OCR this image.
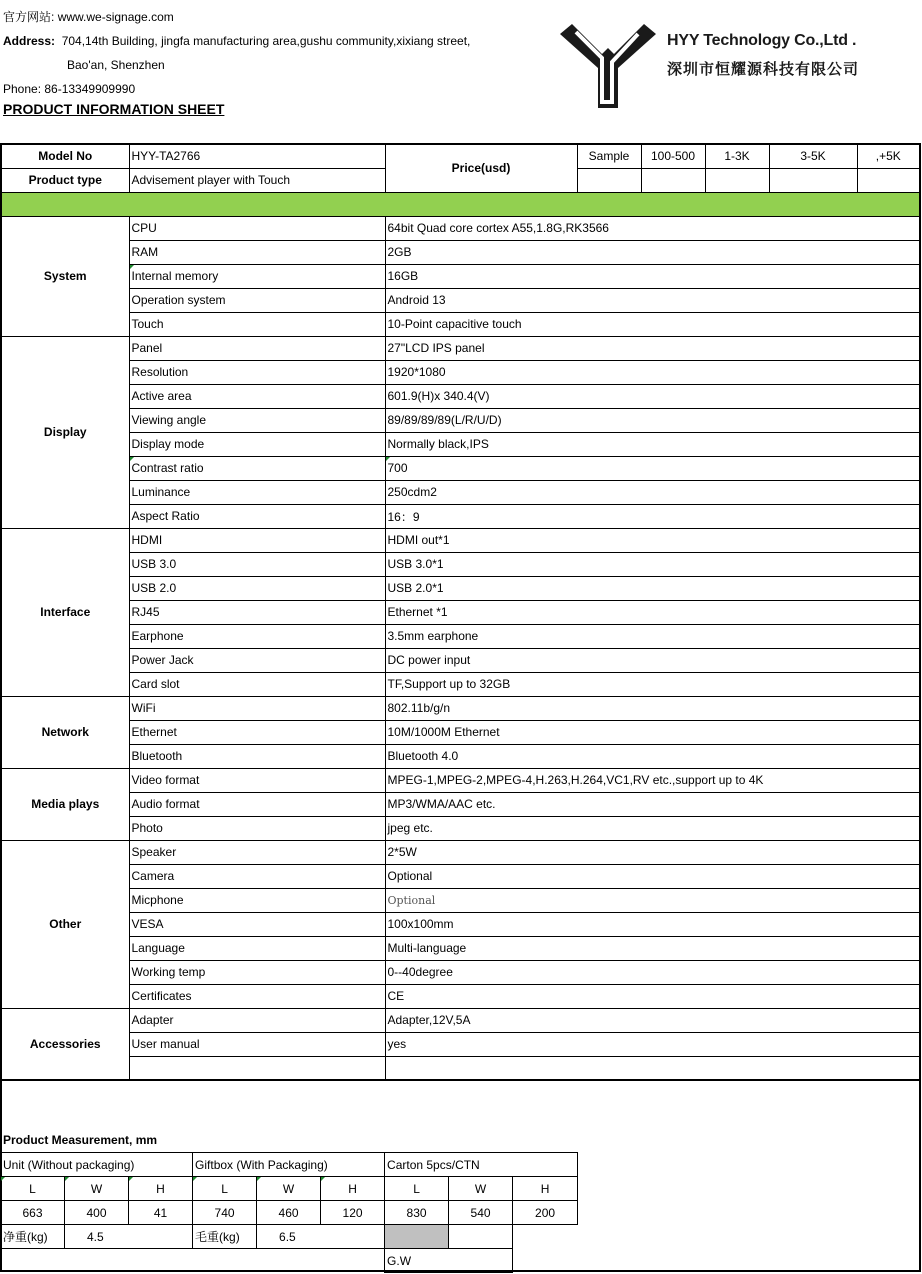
官方网站: www.we-signage.com
Address: 704,14th Building, jingfa manufacturing area,gushu community,xixiang street,
Bao'an, Shenzhen
Phone: 86-13349909990
PRODUCT INFORMATION SHEET
HYY Technology Co.,Ltd .
深圳市恒耀源科技有限公司
Model No	HYY-TA2766	Price(usd)	Sample	100-500	1-3K	3-5K	,+5K
Product type	Advisement player with Touch						

System	CPU	64bit Quad core cortex A55,1.8G,RK3566					
	RAM	2GB					
	Internal memory	16GB					
	Operation system	Android 13					
	Touch	10-Point capacitive touch					
Display	Panel	27"LCD IPS panel					
	Resolution	1920*1080					
	Active area	601.9(H)x 340.4(V)					
	Viewing angle	89/89/89/89(L/R/U/D)					
	Display mode	Normally black,IPS					
	Contrast ratio	700					
	Luminance	250cdm2					
	Aspect Ratio	16：9					
Interface	HDMI	HDMI out*1					
	USB 3.0	USB 3.0*1					
	USB 2.0	USB 2.0*1					
	RJ45	Ethernet *1					
	Earphone	3.5mm earphone					
	Power Jack	DC power input					
	Card slot	TF,Support up to 32GB					
Network	WiFi	802.11b/g/n					
	Ethernet	10M/1000M Ethernet					
	Bluetooth	Bluetooth 4.0					
Media plays	Video format	MPEG-1,MPEG-2,MPEG-4,H.263,H.264,VC1,RV etc.,support up to 4K					
	Audio format	MP3/WMA/AAC etc.					
	Photo	jpeg etc.					
Other	Speaker	2*5W					
	Camera	Optional					
	Micphone	Optional					
	VESA	100x100mm					
	Language	Multi-language					
	Working temp	0--40degree					
	Certificates	CE					
Accessories	Adapter	Adapter,12V,5A					
	User manual	yes					

Product Measurement, mm
Unit (Without packaging)			Giftbox (With Packaging)			Carton 5pcs/CTN		
L	W	H	L	W	H	L	W	H
663	400	41	740	460	120	830	540	200
净重(kg)	4.5		毛重(kg)	6.5				
						G.W		
